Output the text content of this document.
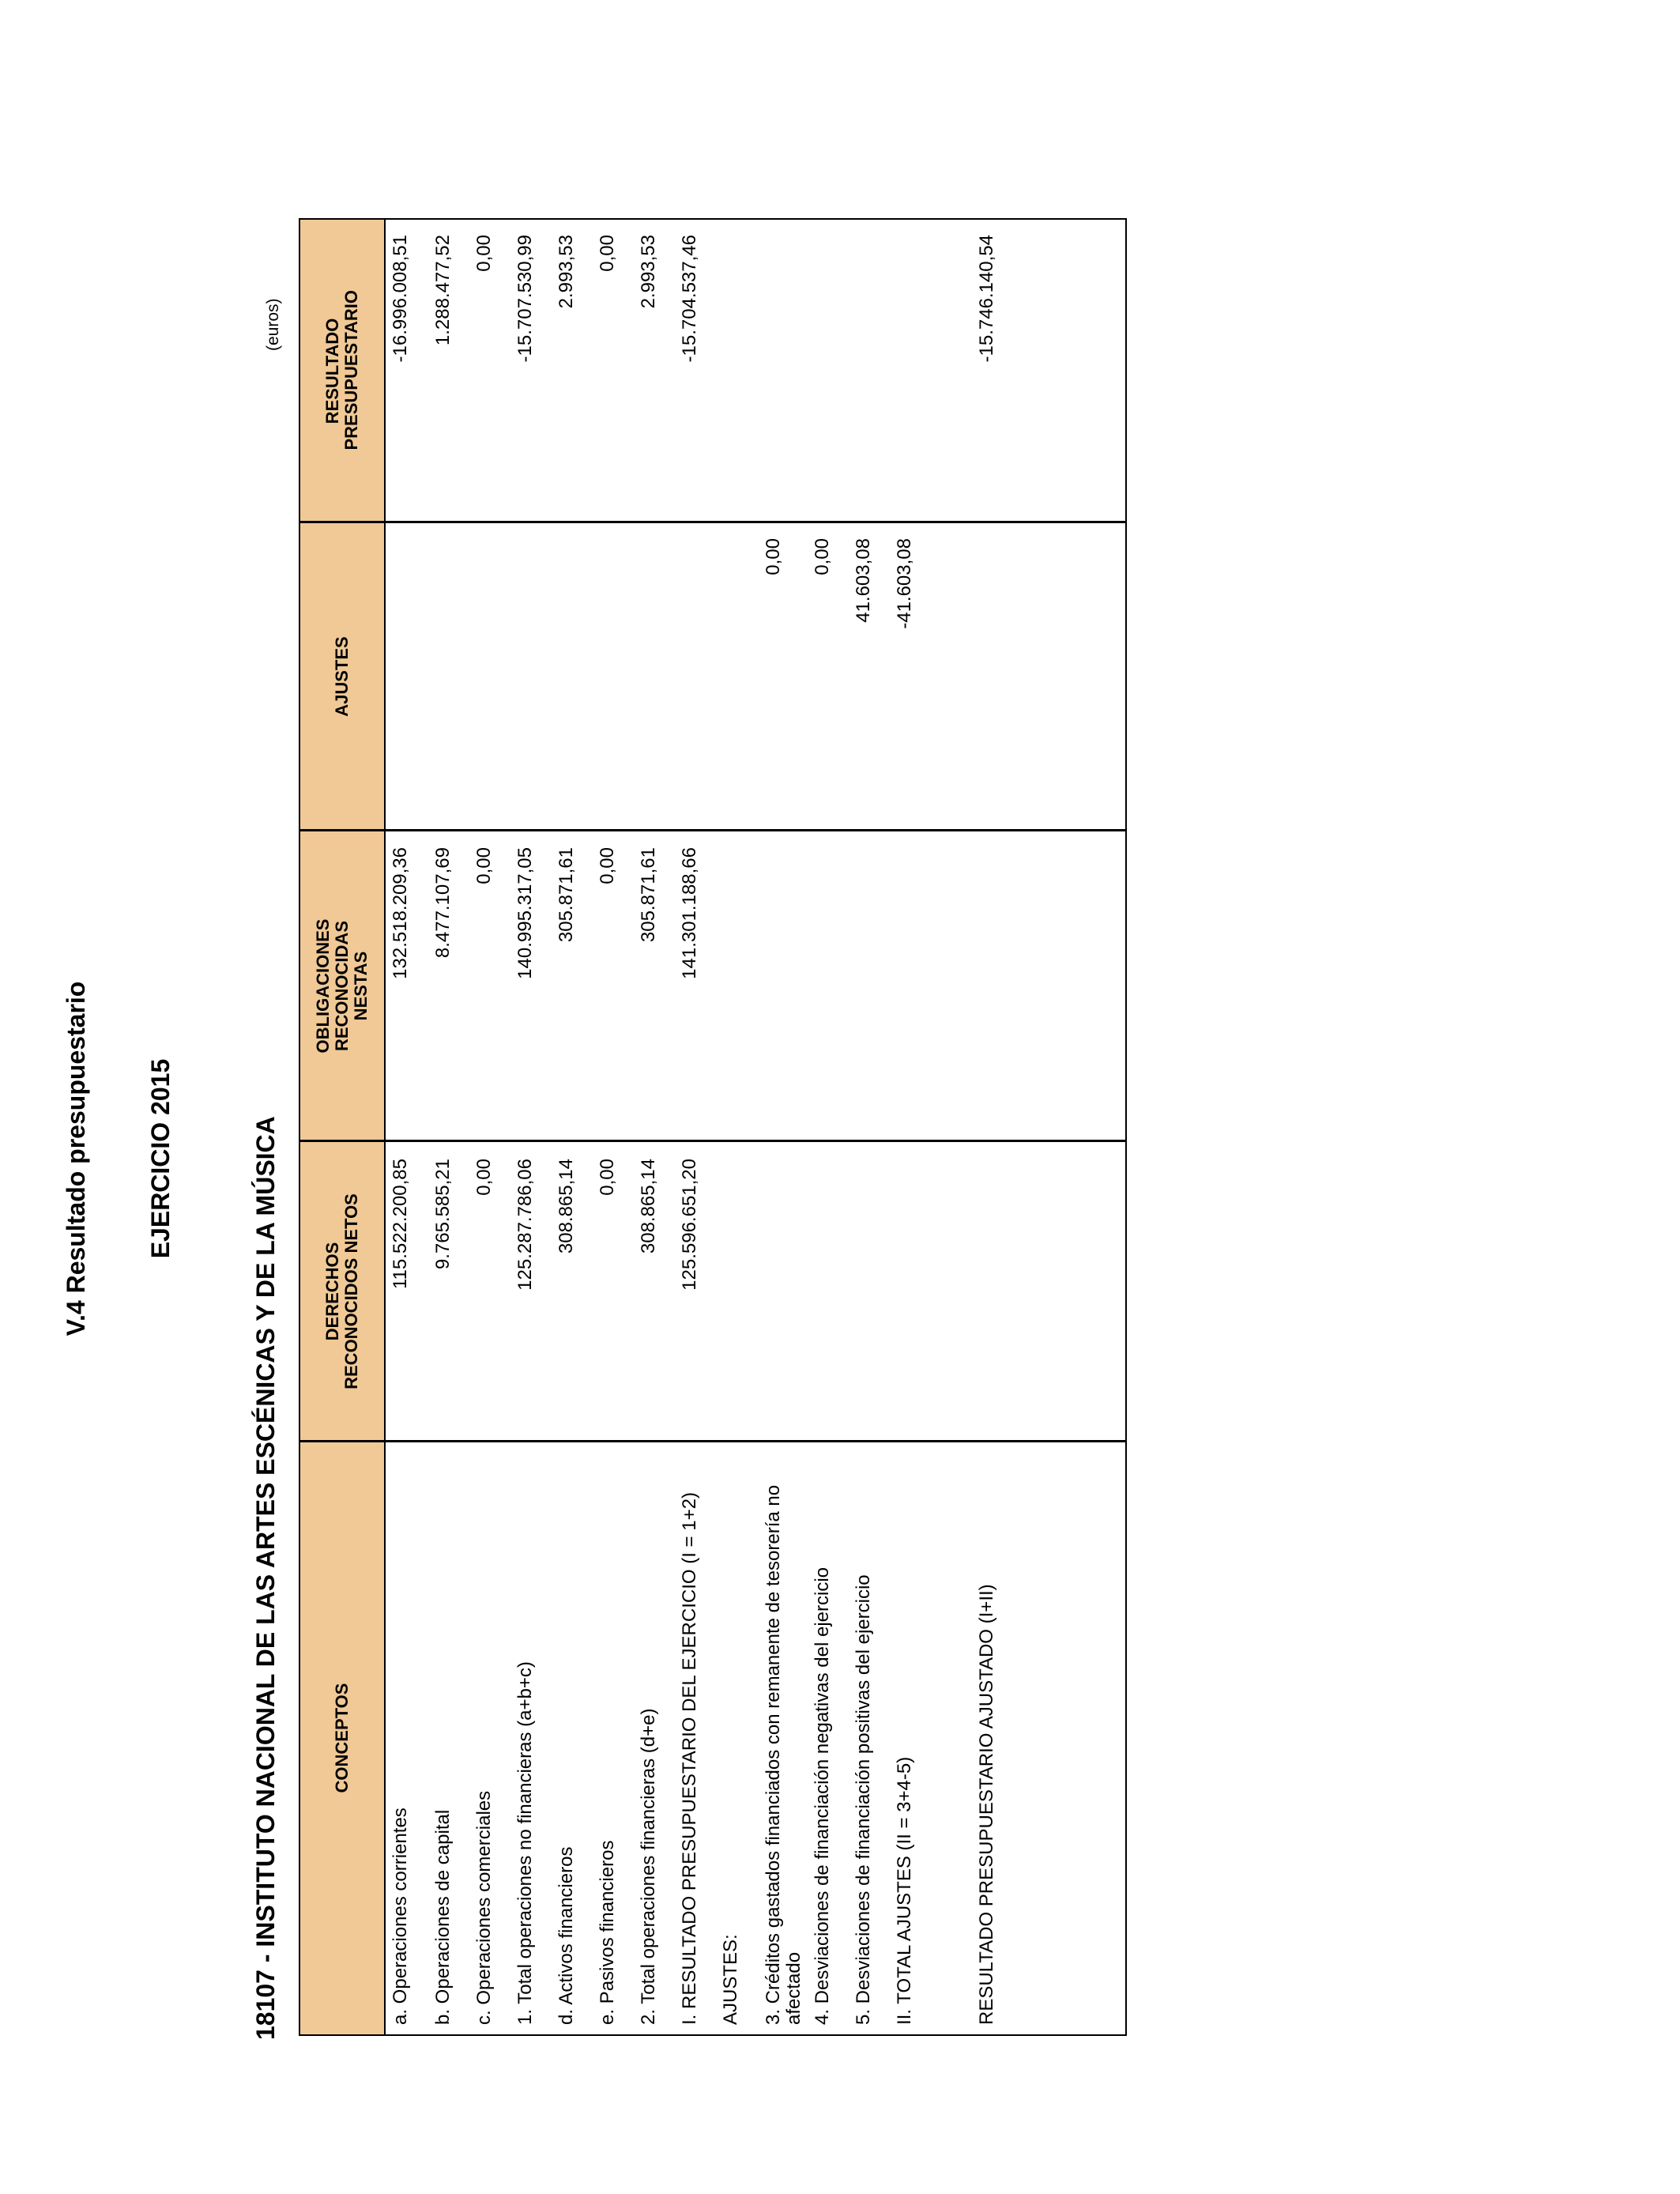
V.4 Resultado presupuestario EJERCICIO 2015	18107 - INSTITUTO NACIONAL DE LAS ARTES ESCÉNICAS Y DE LA MÚSICA
(euros)
CONCEPTOS
DERECHOS RECONOCIDOS NETOS
OBLIGACIONES RECONOCIDAS NESTAS
AJUSTES
RESULTADO PRESUPUESTARIO
a. Operaciones corrientes
115.522.200,85
132.518.209,36
-16.996.008,51
b. Operaciones de capital
9.765.585,21
8.477.107,69
1.288.477,52
c. Operaciones comerciales
0,00
0,00
0,00
1. Total operaciones no financieras (a+b+c)
125.287.786,06
140.995.317,05
-15.707.530,99
d. Activos financieros
308.865,14
305.871,61
2.993,53
e. Pasivos financieros
0,00
0,00
0,00
2. Total operaciones financieras (d+e)
308.865,14
305.871,61
2.993,53
I. RESULTADO PRESUPUESTARIO DEL EJERCICIO (I = 1+2)
125.596.651,20
141.301.188,66
-15.704.537,46
AJUSTES: 3. Créditos gastados financiados con remanente de tesorería no afectado
0,00
4. Desviaciones de financiación negativas del ejercicio
0,00
5. Desviaciones de financiación positivas del ejercicio
41.603,08
II. TOTAL AJUSTES (II = 3+4-5)
-41.603,08
RESULTADO PRESUPUESTARIO AJUSTADO (I+II)
-15.746.140,54
